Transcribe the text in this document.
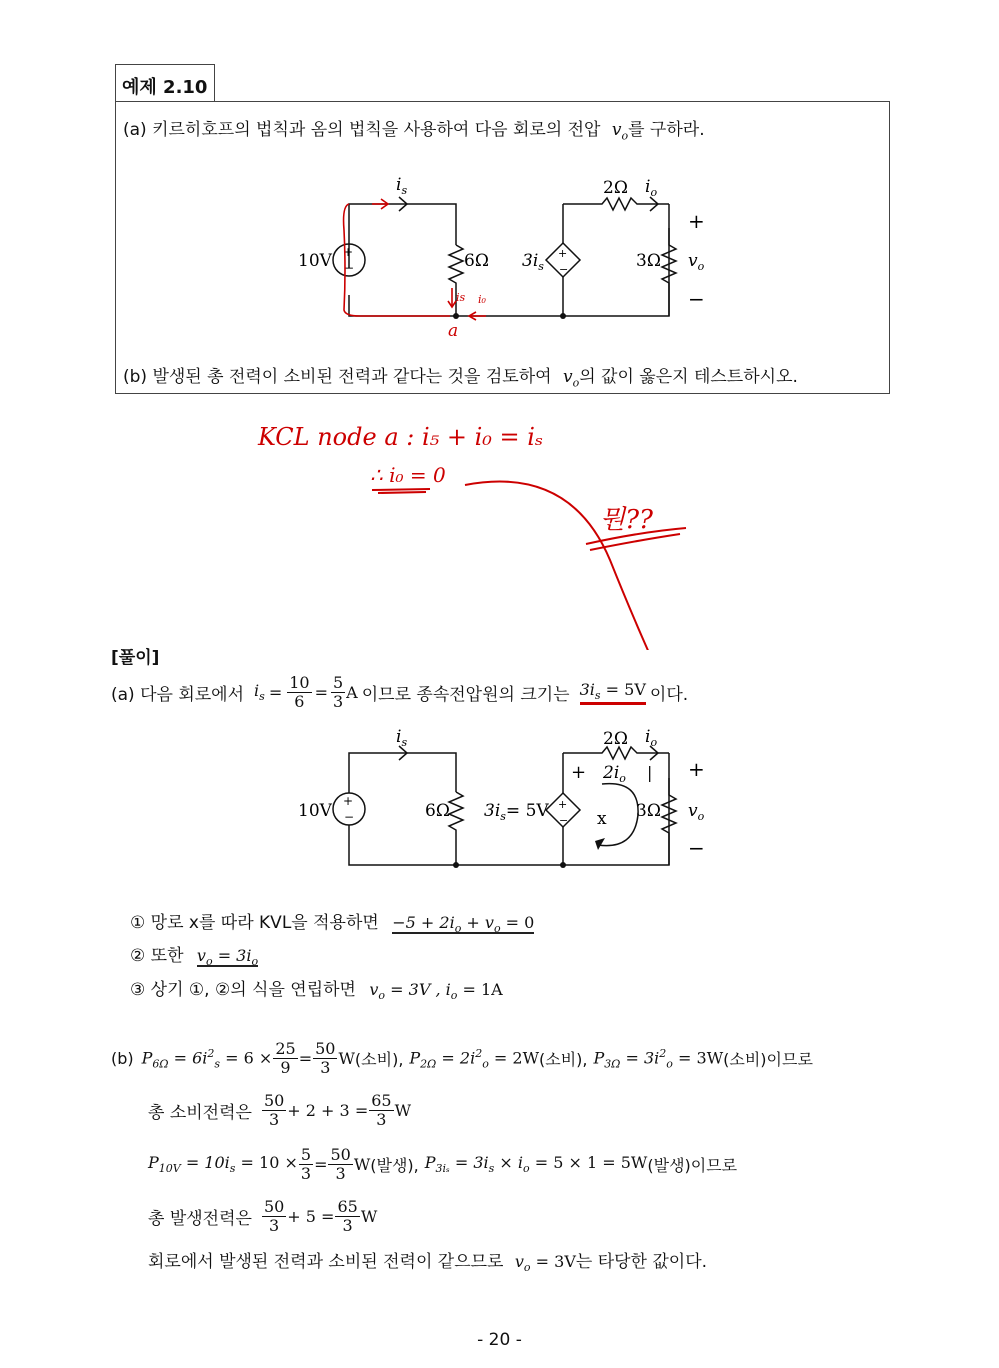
예제 2.10
(a) 키르히호프의 법칙과 옴의 법칙을 사용하여 다음 회로의 전압 $v_o$를 구하라.
+
−
+
−
10V	6Ω $3i_s$
2Ω
3Ω
$i_s$	$i_o$
+
$v_o$
−
is i₀
a
(b) 발생된 총 전력이 소비된 전력과 같다는 것을 검토하여 $v_o$의 값이 옳은지 테스트하시오.
KCL node a : i₅ + i₀ = iₛ
∴ i₀ = 0
뭔??
[풀이]
(a) 다음 회로에서 $i_s = \frac{10}{6} = \frac{5}{3}$ A 이므로 종속전압원의 크기는 $3i_s = 5V$ 이다.
+
−
+
−
10V	6Ω $3i_s= 5V$
2Ω
3Ω
$i_s$	$i_o$
+ $2i_o$ |
x
+
$v_o$
−
① 망로 x를 따라 KVL을 적용하면 $-5 + 2i_o + v_o = 0$
② 또한 $v_o = 3i_o$
③ 상기 ①, ②의 식을 연립하면 $v_o = 3V$ , $i_o = 1A$
(b) $P_{6\Omega} = 6i^2_s = 6 \times \frac{25}{9} = \frac{50}{3}$ W (소비), $P_{2\Omega} = 2i^2_o = 2W$ (소비), $P_{3\Omega} = 3i^2_o = 3W$ (소비)이므로
총 소비전력은 $\frac{50}{3} + 2 + 3 = \frac{65}{3}$ W
$P_{10V} = 10i_s = 10 \times \frac{5}{3} = \frac{50}{3}$ W (발생), $P_{3i_s} = 3i_s \times i_o = 5 \times 1 = 5W$ (발생)이므로
총 발생전력은 $\frac{50}{3} + 5 = \frac{65}{3}$ W
회로에서 발생된 전력과 소비된 전력이 같으므로 $v_o = 3V$는 타당한 값이다.
- 20 -
